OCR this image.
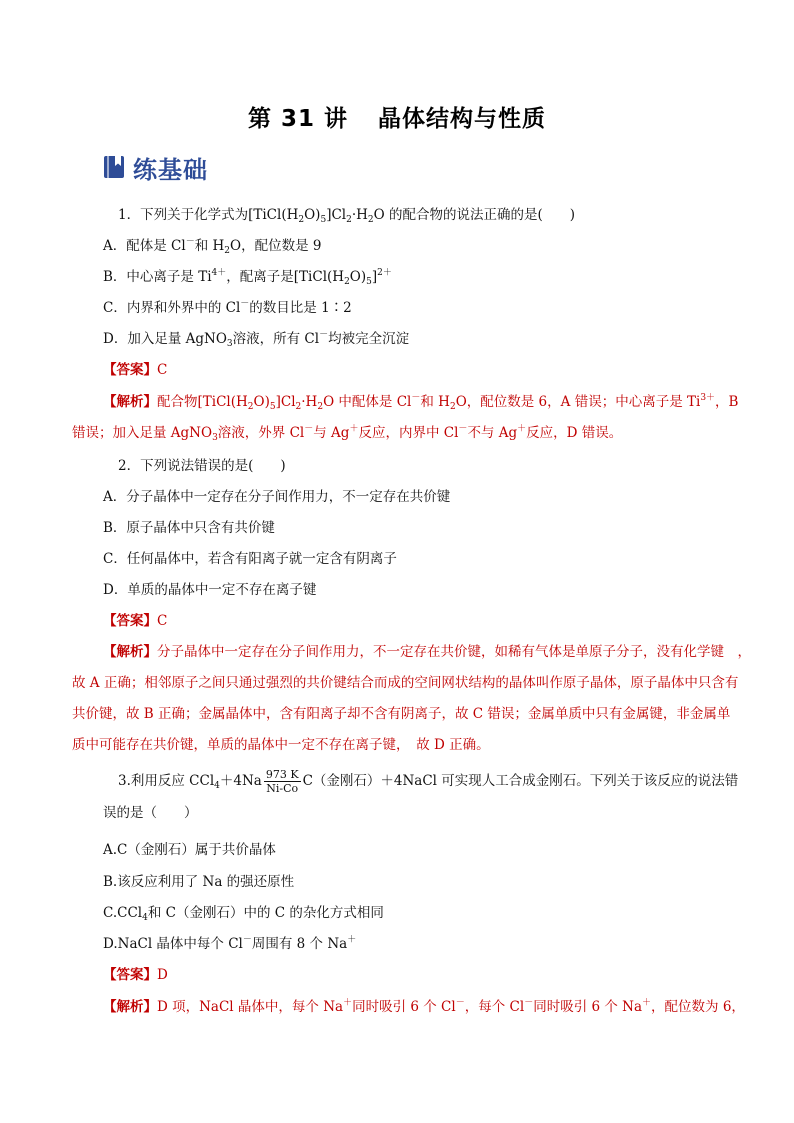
第 31 讲 晶体结构与性质
练基础
1．下列关于化学式为$[TiCl(H_2O)_5]Cl_2\cdot H_2O$ 的配合物的说法正确的是(　　)
A．配体是 Cl－和 $H_2O$，配位数是 9
B．中心离子是 $Ti^{4+}$，配离子是$[TiCl(H_2O)_5]^{2+}$
C．内界和外界中的 Cl－的数目比是 1∶2
D．加入足量 AgNO$_3$溶液，所有 Cl－均被完全沉淀
【答案】C
【解析】配合物$[TiCl(H_2O)_5]Cl_2\cdot H_2O$ 中配体是 Cl－和 $H_2O$，配位数是 6，A 错误；中心离子是 $Ti^{3+}$，B
错误；加入足量 AgNO$_3$溶液，外界 Cl－与 Ag＋反应，内界中 Cl－不与 Ag＋反应，D 错误。
2．下列说法错误的是(　　)
A．分子晶体中一定存在分子间作用力，不一定存在共价键
B．原子晶体中只含有共价键
C．任何晶体中，若含有阳离子就一定含有阴离子
D．单质的晶体中一定不存在离子键
【答案】C
【解析】分子晶体中一定存在分子间作用力，不一定存在共价键，如稀有气体是单原子分子，没有化学键　，
故 A 正确；相邻原子之间只通过强烈的共价键结合而成的空间网状结构的晶体叫作原子晶体，原子晶体中只含有
共价键，故 B 正确；金属晶体中，含有阳离子却不含有阴离子，故 C 错误；金属单质中只有金属键，非金属单
质中可能存在共价键，单质的晶体中一定不存在离子键，　故 D 正确。
3.利用反应 $CCl_4+4Na \frac{973 K}{Ni-Co} C$（金刚石）＋4NaCl 可实现人工合成金刚石。下列关于该反应的说法错
误的是（　　）
A.C（金刚石）属于共价晶体
B.该反应利用了 Na 的强还原性
C.CCl$_4$和 C（金刚石）中的 C 的杂化方式相同
D.NaCl 晶体中每个 Cl－周围有 8 个 Na＋
【答案】D
【解析】D 项，NaCl 晶体中，每个 Na＋同时吸引 6 个 Cl－，每个 Cl－同时吸引 6 个 Na＋，配位数为 6，
